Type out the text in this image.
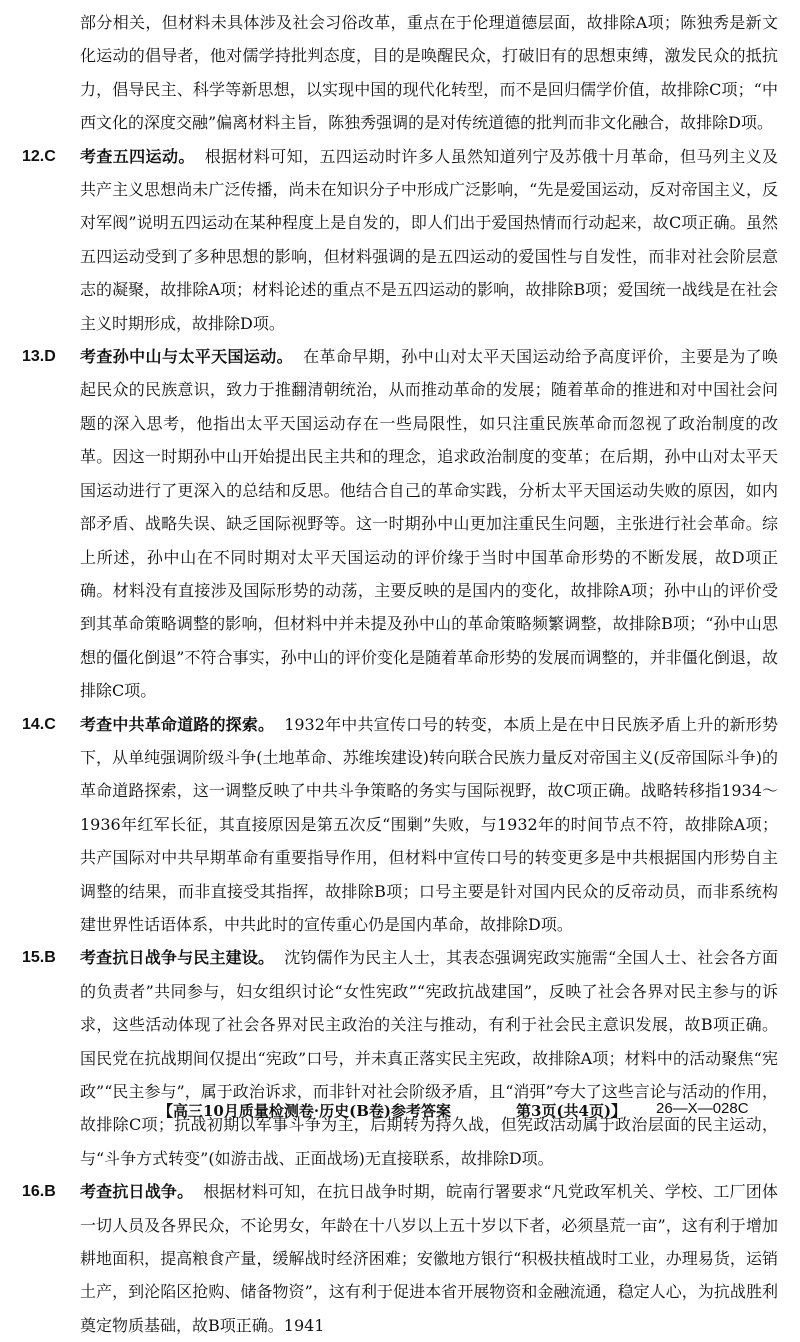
部分相关，但材料未具体涉及社会习俗改革，重点在于伦理道德层面，故排除A项；陈独秀是新文化运动的倡导者，他对儒学持批判态度，目的是唤醒民众，打破旧有的思想束缚，激发民众的抵抗力，倡导民主、科学等新思想，以实现中国的现代化转型，而不是回归儒学价值，故排除C项；“中西文化的深度交融”偏离材料主旨，陈独秀强调的是对传统道德的批判而非文化融合，故排除D项。

12.C	考查五四运动。 根据材料可知，五四运动时许多人虽然知道列宁及苏俄十月革命，但马列主义及共产主义思想尚未广泛传播，尚未在知识分子中形成广泛影响，“先是爱国运动，反对帝国主义，反对军阀”说明五四运动在某种程度上是自发的，即人们出于爱国热情而行动起来，故C项正确。虽然五四运动受到了多种思想的影响，但材料强调的是五四运动的爱国性与自发性，而非对社会阶层意志的凝聚，故排除A项；材料论述的重点不是五四运动的影响，故排除B项；爱国统一战线是在社会主义时期形成，故排除D项。
13.D	考查孙中山与太平天国运动。 在革命早期，孙中山对太平天国运动给予高度评价，主要是为了唤起民众的民族意识，致力于推翻清朝统治，从而推动革命的发展；随着革命的推进和对中国社会问题的深入思考，他指出太平天国运动存在一些局限性，如只注重民族革命而忽视了政治制度的改革。因这一时期孙中山开始提出民主共和的理念，追求政治制度的变革；在后期，孙中山对太平天国运动进行了更深入的总结和反思。他结合自己的革命实践，分析太平天国运动失败的原因，如内部矛盾、战略失误、缺乏国际视野等。这一时期孙中山更加注重民生问题，主张进行社会革命。综上所述，孙中山在不同时期对太平天国运动的评价缘于当时中国革命形势的不断发展，故D项正确。材料没有直接涉及国际形势的动荡，主要反映的是国内的变化，故排除A项；孙中山的评价受到其革命策略调整的影响，但材料中并未提及孙中山的革命策略频繁调整，故排除B项；“孙中山思想的僵化倒退”不符合事实，孙中山的评价变化是随着革命形势的发展而调整的，并非僵化倒退，故排除C项。
14.C	考查中共革命道路的探索。 1932年中共宣传口号的转变，本质上是在中日民族矛盾上升的新形势下，从单纯强调阶级斗争(土地革命、苏维埃建设)转向联合民族力量反对帝国主义(反帝国际斗争)的革命道路探索，这一调整反映了中共斗争策略的务实与国际视野，故C项正确。战略转移指1934～1936年红军长征，其直接原因是第五次反“围剿”失败，与1932年的时间节点不符，故排除A项；共产国际对中共早期革命有重要指导作用，但材料中宣传口号的转变更多是中共根据国内形势自主调整的结果，而非直接受其指挥，故排除B项；口号主要是针对国内民众的反帝动员，而非系统构建世界性话语体系，中共此时的宣传重心仍是国内革命，故排除D项。
15.B	考查抗日战争与民主建设。 沈钧儒作为民主人士，其表态强调宪政实施需“全国人士、社会各方面的负责者”共同参与，妇女组织讨论“女性宪政”“宪政抗战建国”，反映了社会各界对民主参与的诉求，这些活动体现了社会各界对民主政治的关注与推动，有利于社会民主意识发展，故B项正确。国民党在抗战期间仅提出“宪政”口号，并未真正落实民主宪政，故排除A项；材料中的活动聚焦“宪政”“民主参与”，属于政治诉求，而非针对社会阶级矛盾，且“消弭”夸大了这些言论与活动的作用，故排除C项；抗战初期以军事斗争为主，后期转为持久战，但宪政活动属于政治层面的民主运动，与“斗争方式转变”(如游击战、正面战场)无直接联系，故排除D项。
16.B	考查抗日战争。 根据材料可知，在抗日战争时期，皖南行署要求“凡党政军机关、学校、工厂团体一切人员及各界民众，不论男女，年龄在十八岁以上五十岁以下者，必须垦荒一亩”，这有利于增加耕地面积，提高粮食产量，缓解战时经济困难；安徽地方银行“积极扶植战时工业，办理易货，运销土产，到沦陷区抢购、储备物资”，这有利于促进本省开展物资和金融流通，稳定人心，为抗战胜利奠定物质基础，故B项正确。1941
【高三10月质量检测卷·历史(B卷)参考答案	第3页(共4页)】 26—X—028C
